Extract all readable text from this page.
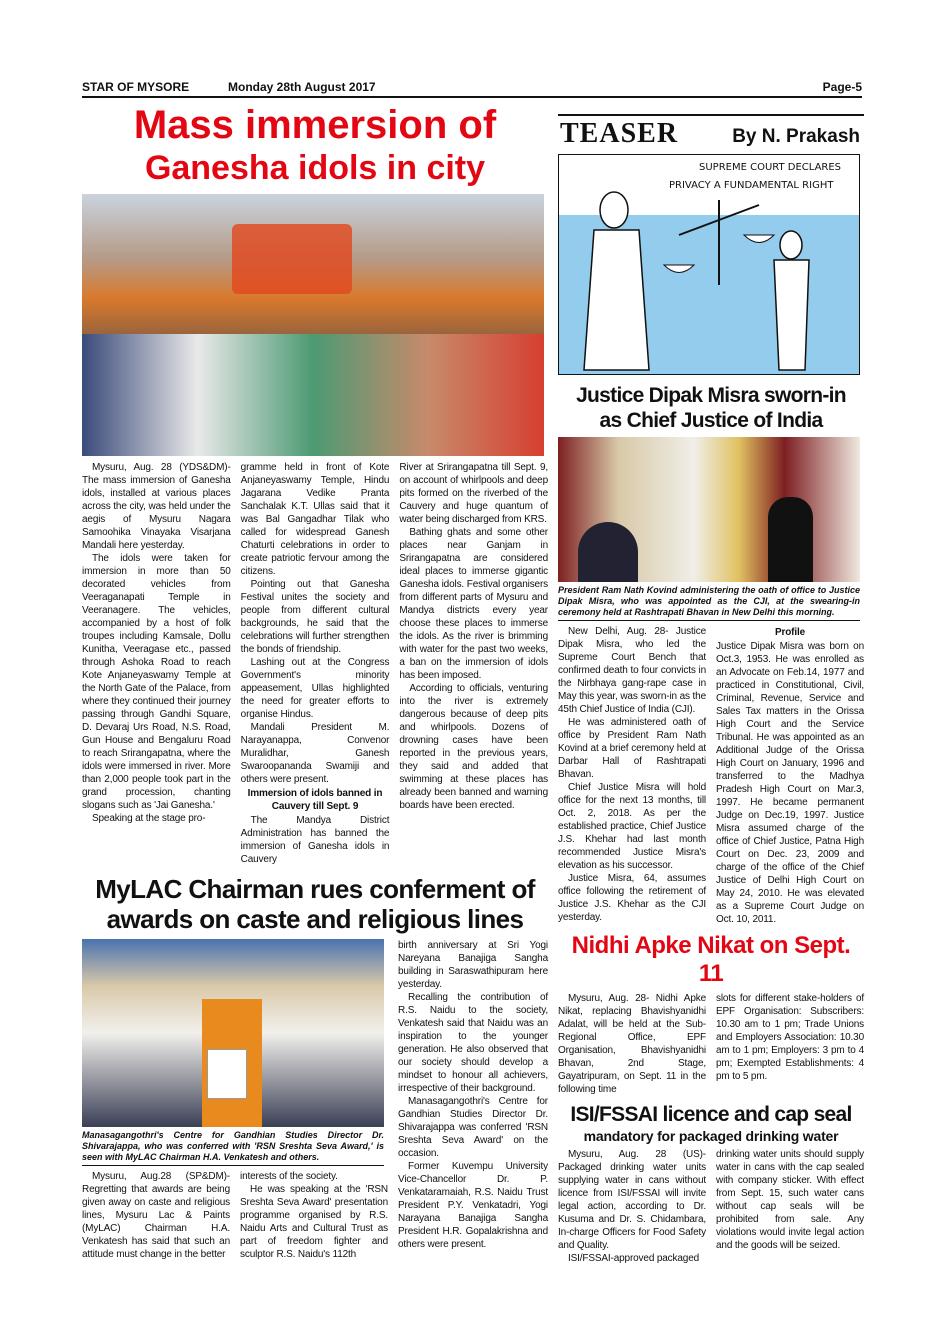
STAR OF MYSORE	Monday 28th August 2017	Page-5
Mass immersion of
Ganesha idols in city

Mysuru, Aug. 28 (YDS&DM)- The mass immersion of Ganesha idols, installed at various places across the city, was held under the aegis of Mysuru Nagara Samoohika Vinayaka Visarjana Mandali here yesterday.

The idols were taken for immersion in more than 50 decorated vehicles from Veeraganapati Temple in Veeranagere. The vehicles, accompanied by a host of folk troupes including Kamsale, Dollu Kunitha, Veeragase etc., passed through Ashoka Road to reach Kote Anjaneyaswamy Temple at the North Gate of the Palace, from where they continued their journey passing through Gandhi Square, D. Devaraj Urs Road, N.S. Road, Gun House and Bengaluru Road to reach Srirangapatna, where the idols were immersed in river. More than 2,000 people took part in the grand procession, chanting slogans such as 'Jai Ganesha.'

Speaking at the stage pro-

gramme held in front of Kote Anjaneyaswamy Temple, Hindu Jagarana Vedike Pranta Sanchalak K.T. Ullas said that it was Bal Gangadhar Tilak who called for widespread Ganesh Chaturti celebrations in order to create patriotic fervour among the citizens.

Pointing out that Ganesha Festival unites the society and people from different cultural backgrounds, he said that the celebrations will further strengthen the bonds of friendship.

Lashing out at the Congress Government's minority appeasement, Ullas highlighted the need for greater efforts to organise Hindus.

Mandali President M. Narayanappa, Convenor Muralidhar, Ganesh Swaroopananda Swamiji and others were present.

Immersion of idols banned in Cauvery till Sept. 9

The Mandya District Administration has banned the immersion of Ganesha idols in Cauvery

River at Srirangapatna till Sept. 9, on account of whirlpools and deep pits formed on the riverbed of the Cauvery and huge quantum of water being discharged from KRS.

Bathing ghats and some other places near Ganjam in Srirangapatna are considered ideal places to immerse gigantic Ganesha idols. Festival organisers from different parts of Mysuru and Mandya districts every year choose these places to immerse the idols. As the river is brimming with water for the past two weeks, a ban on the immersion of idols has been imposed.

According to officials, venturing into the river is extremely dangerous because of deep pits and whirlpools. Dozens of drowning cases have been reported in the previous years, they said and added that swimming at these places has already been banned and warning boards have been erected.

MyLAC Chairman rues conferment of
awards on caste and religious lines
Manasagangothri's Centre for Gandhian Studies Director Dr. Shivarajappa, who was conferred with 'RSN Sreshta Seva Award,' is seen with MyLAC Chairman H.A. Venkatesh and others.

Mysuru, Aug.28 (SP&DM)- Regretting that awards are being given away on caste and religious lines, Mysuru Lac & Paints (MyLAC) Chairman H.A. Venkatesh has said that such an attitude must change in the better

interests of the society.

He was speaking at the 'RSN Sreshta Seva Award' presentation programme organised by R.S. Naidu Arts and Cultural Trust as part of freedom fighter and sculptor R.S. Naidu's 112th

birth anniversary at Sri Yogi Nareyana Banajiga Sangha building in Saraswathipuram here yesterday.

Recalling the contribution of R.S. Naidu to the society, Venkatesh said that Naidu was an inspiration to the younger generation. He also observed that our society should develop a mindset to honour all achievers, irrespective of their background.

Manasagangothri's Centre for Gandhian Studies Director Dr. Shivarajappa was conferred 'RSN Sreshta Seva Award' on the occasion.

Former Kuvempu University Vice-Chancellor Dr. P. Venkataramaiah, R.S. Naidu Trust President P.Y. Venkatadri, Yogi Narayana Banajiga Sangha President H.R. Gopalakrishna and others were present.

TEASER	By N. Prakash
SUPREME COURT DECLARES
PRIVACY A FUNDAMENTAL RIGHT
Justice Dipak Misra sworn-in
as Chief Justice of India
President Ram Nath Kovind administering the oath of office to Justice Dipak Misra, who was appointed as the CJI, at the swearing-in ceremony held at Rashtrapati Bhavan in New Delhi this morning.

New Delhi, Aug. 28- Justice Dipak Misra, who led the Supreme Court Bench that confirmed death to four convicts in the Nirbhaya gang-rape case in May this year, was sworn-in as the 45th Chief Justice of India (CJI).

He was administered oath of office by President Ram Nath Kovind at a brief ceremony held at Darbar Hall of Rashtrapati Bhavan.

Chief Justice Misra will hold office for the next 13 months, till Oct. 2, 2018. As per the established practice, Chief Justice J.S. Khehar had last month recommended Justice Misra's elevation as his successor.

Justice Misra, 64, assumes office following the retirement of Justice J.S. Khehar as the CJI yesterday.

Profile

Justice Dipak Misra was born on Oct.3, 1953. He was enrolled as an Advocate on Feb.14, 1977 and practiced in Constitutional, Civil, Criminal, Revenue, Service and Sales Tax matters in the Orissa High Court and the Service Tribunal. He was appointed as an Additional Judge of the Orissa High Court on January, 1996 and transferred to the Madhya Pradesh High Court on Mar.3, 1997. He became permanent Judge on Dec.19, 1997. Justice Misra assumed charge of the office of Chief Justice, Patna High Court on Dec. 23, 2009 and charge of the office of the Chief Justice of Delhi High Court on May 24, 2010. He was elevated as a Supreme Court Judge on Oct. 10, 2011.

Nidhi Apke Nikat on Sept. 11

Mysuru, Aug. 28- Nidhi Apke Nikat, replacing Bhavishyanidhi Adalat, will be held at the Sub-Regional Office, EPF Organisation, Bhavishyanidhi Bhavan, 2nd Stage, Gayatripuram, on Sept. 11 in the following time

slots for different stake-holders of EPF Organisation: Subscribers: 10.30 am to 1 pm; Trade Unions and Employers Association: 10.30 am to 1 pm; Employers: 3 pm to 4 pm; Exempted Establishments: 4 pm to 5 pm.

ISI/FSSAI licence and cap seal
mandatory for packaged drinking water

Mysuru, Aug. 28 (US)- Packaged drinking water units supplying water in cans without licence from ISI/FSSAI will invite legal action, according to Dr. Kusuma and Dr. S. Chidambara, In-charge Officers for Food Safety and Quality.

ISI/FSSAI-approved packaged

drinking water units should supply water in cans with the cap sealed with company sticker. With effect from Sept. 15, such water cans without cap seals will be prohibited from sale. Any violations would invite legal action and the goods will be seized.
